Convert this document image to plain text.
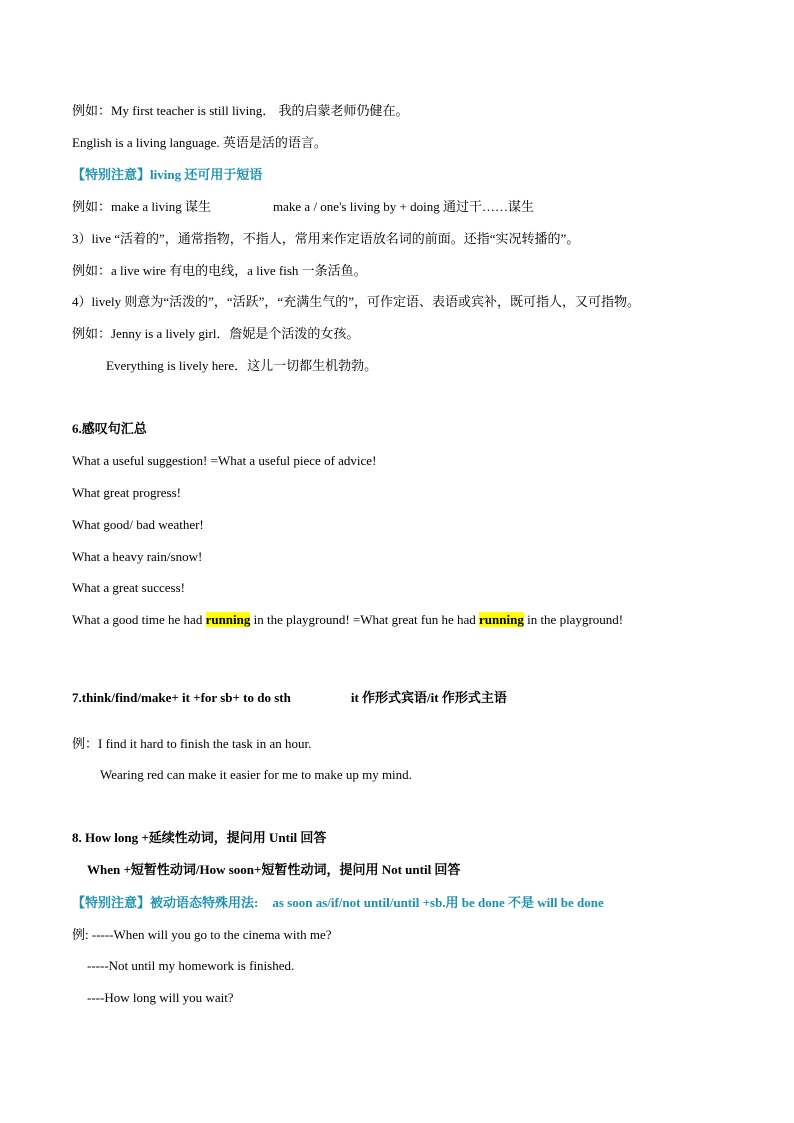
例如：My first teacher is still living． 我的启蒙老师仍健在。
English is a living language. 英语是活的语言。
【特别注意】living 还可用于短语
例如：make a living 谋生	make a / one's living by + doing 通过干……谋生
3）live “活着的”，通常指物，不指人，常用来作定语放名词的前面。还指“实况转播的”。
例如：a live wire 有电的电线，a live fish 一条活鱼。
4）lively 则意为“活泼的”，“活跃”，“充满生气的”，可作定语、表语或宾补，既可指人，又可指物。
例如：Jenny is a lively girl．詹妮是个活泼的女孩。
Everything is lively here．这儿一切都生机勃勃。
6.感叹句汇总
What a useful suggestion! =What a useful piece of advice!
What great progress!
What good/ bad weather!
What a heavy rain/snow!
What a great success!
What a good time he had running in the playground! =What great fun he had running in the playground!
7.think/find/make+ it +for sb+ to do sth	it 作形式宾语/it 作形式主语
例：I find it hard to finish the task in an hour.
Wearing red can make it easier for me to make up my mind.
8. How long +延续性动词，提问用 Until 回答
When +短暂性动词/How soon+短暂性动词，提问用 Not until 回答
【特别注意】被动语态特殊用法: as soon as/if/not until/until +sb.用 be done 不是 will be done
例: -----When will you go to the cinema with me?
-----Not until my homework is finished.
----How long will you wait?
